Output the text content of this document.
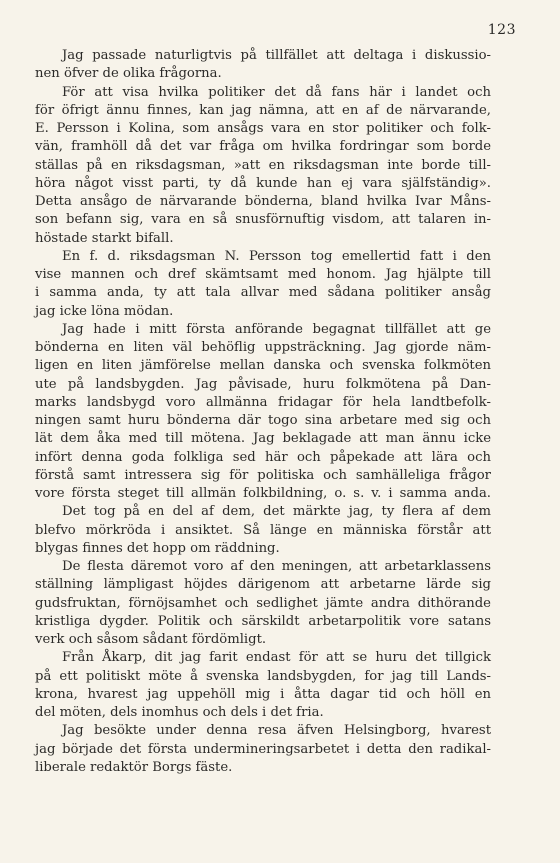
123
Jag passade naturligtvis på tillfället att deltaga i diskussio-
nen öfver de olika frågorna.
För att visa hvilka politiker det då fans här i landet och
för öfrigt ännu finnes, kan jag nämna, att en af de närvarande,
E. Persson i Kolina, som ansågs vara en stor politiker och folk-
vän, framhöll då det var fråga om hvilka fordringar som borde
ställas på en riksdagsman, »att en riksdagsman inte borde till-
höra något visst parti, ty då kunde han ej vara själfständig».
Detta ansågo de närvarande bönderna, bland hvilka Ivar Måns-
son befann sig, vara en så snusförnuftig visdom, att talaren in-
höstade starkt bifall.
En f. d. riksdagsman N. Persson tog emellertid fatt i den
vise mannen och dref skämtsamt med honom. Jag hjälpte till
i samma anda, ty att tala allvar med sådana politiker ansåg
jag icke löna mödan.
Jag hade i mitt första anförande begagnat tillfället att ge
bönderna en liten väl behöflig uppsträckning. Jag gjorde näm-
ligen en liten jämförelse mellan danska och svenska folkmöten
ute på landsbygden. Jag påvisade, huru folkmötena på Dan-
marks landsbygd voro allmänna fridagar för hela landtbefolk-
ningen samt huru bönderna där togo sina arbetare med sig och
lät dem åka med till mötena. Jag beklagade att man ännu icke
infört denna goda folkliga sed här och påpekade att lära och
förstå samt intressera sig för politiska och samhälleliga frågor
vore första steget till allmän folkbildning, o. s. v. i samma anda.
Det tog på en del af dem, det märkte jag, ty flera af dem
blefvo mörkröda i ansiktet. Så länge en människa förstår att
blygas finnes det hopp om räddning.
De flesta däremot voro af den meningen, att arbetarklassens
ställning lämpligast höjdes därigenom att arbetarne lärde sig
gudsfruktan, förnöjsamhet och sedlighet jämte andra dithörande
kristliga dygder. Politik och särskildt arbetarpolitik vore satans
verk och såsom sådant fördömligt.
Från Åkarp, dit jag farit endast för att se huru det tillgick
på ett politiskt möte å svenska landsbygden, for jag till Lands-
krona, hvarest jag uppehöll mig i åtta dagar tid och höll en
del möten, dels inomhus och dels i det fria.
Jag besökte under denna resa äfven Helsingborg, hvarest
jag började det första undermineringsarbetet i detta den radikal-
liberale redaktör Borgs fäste.
